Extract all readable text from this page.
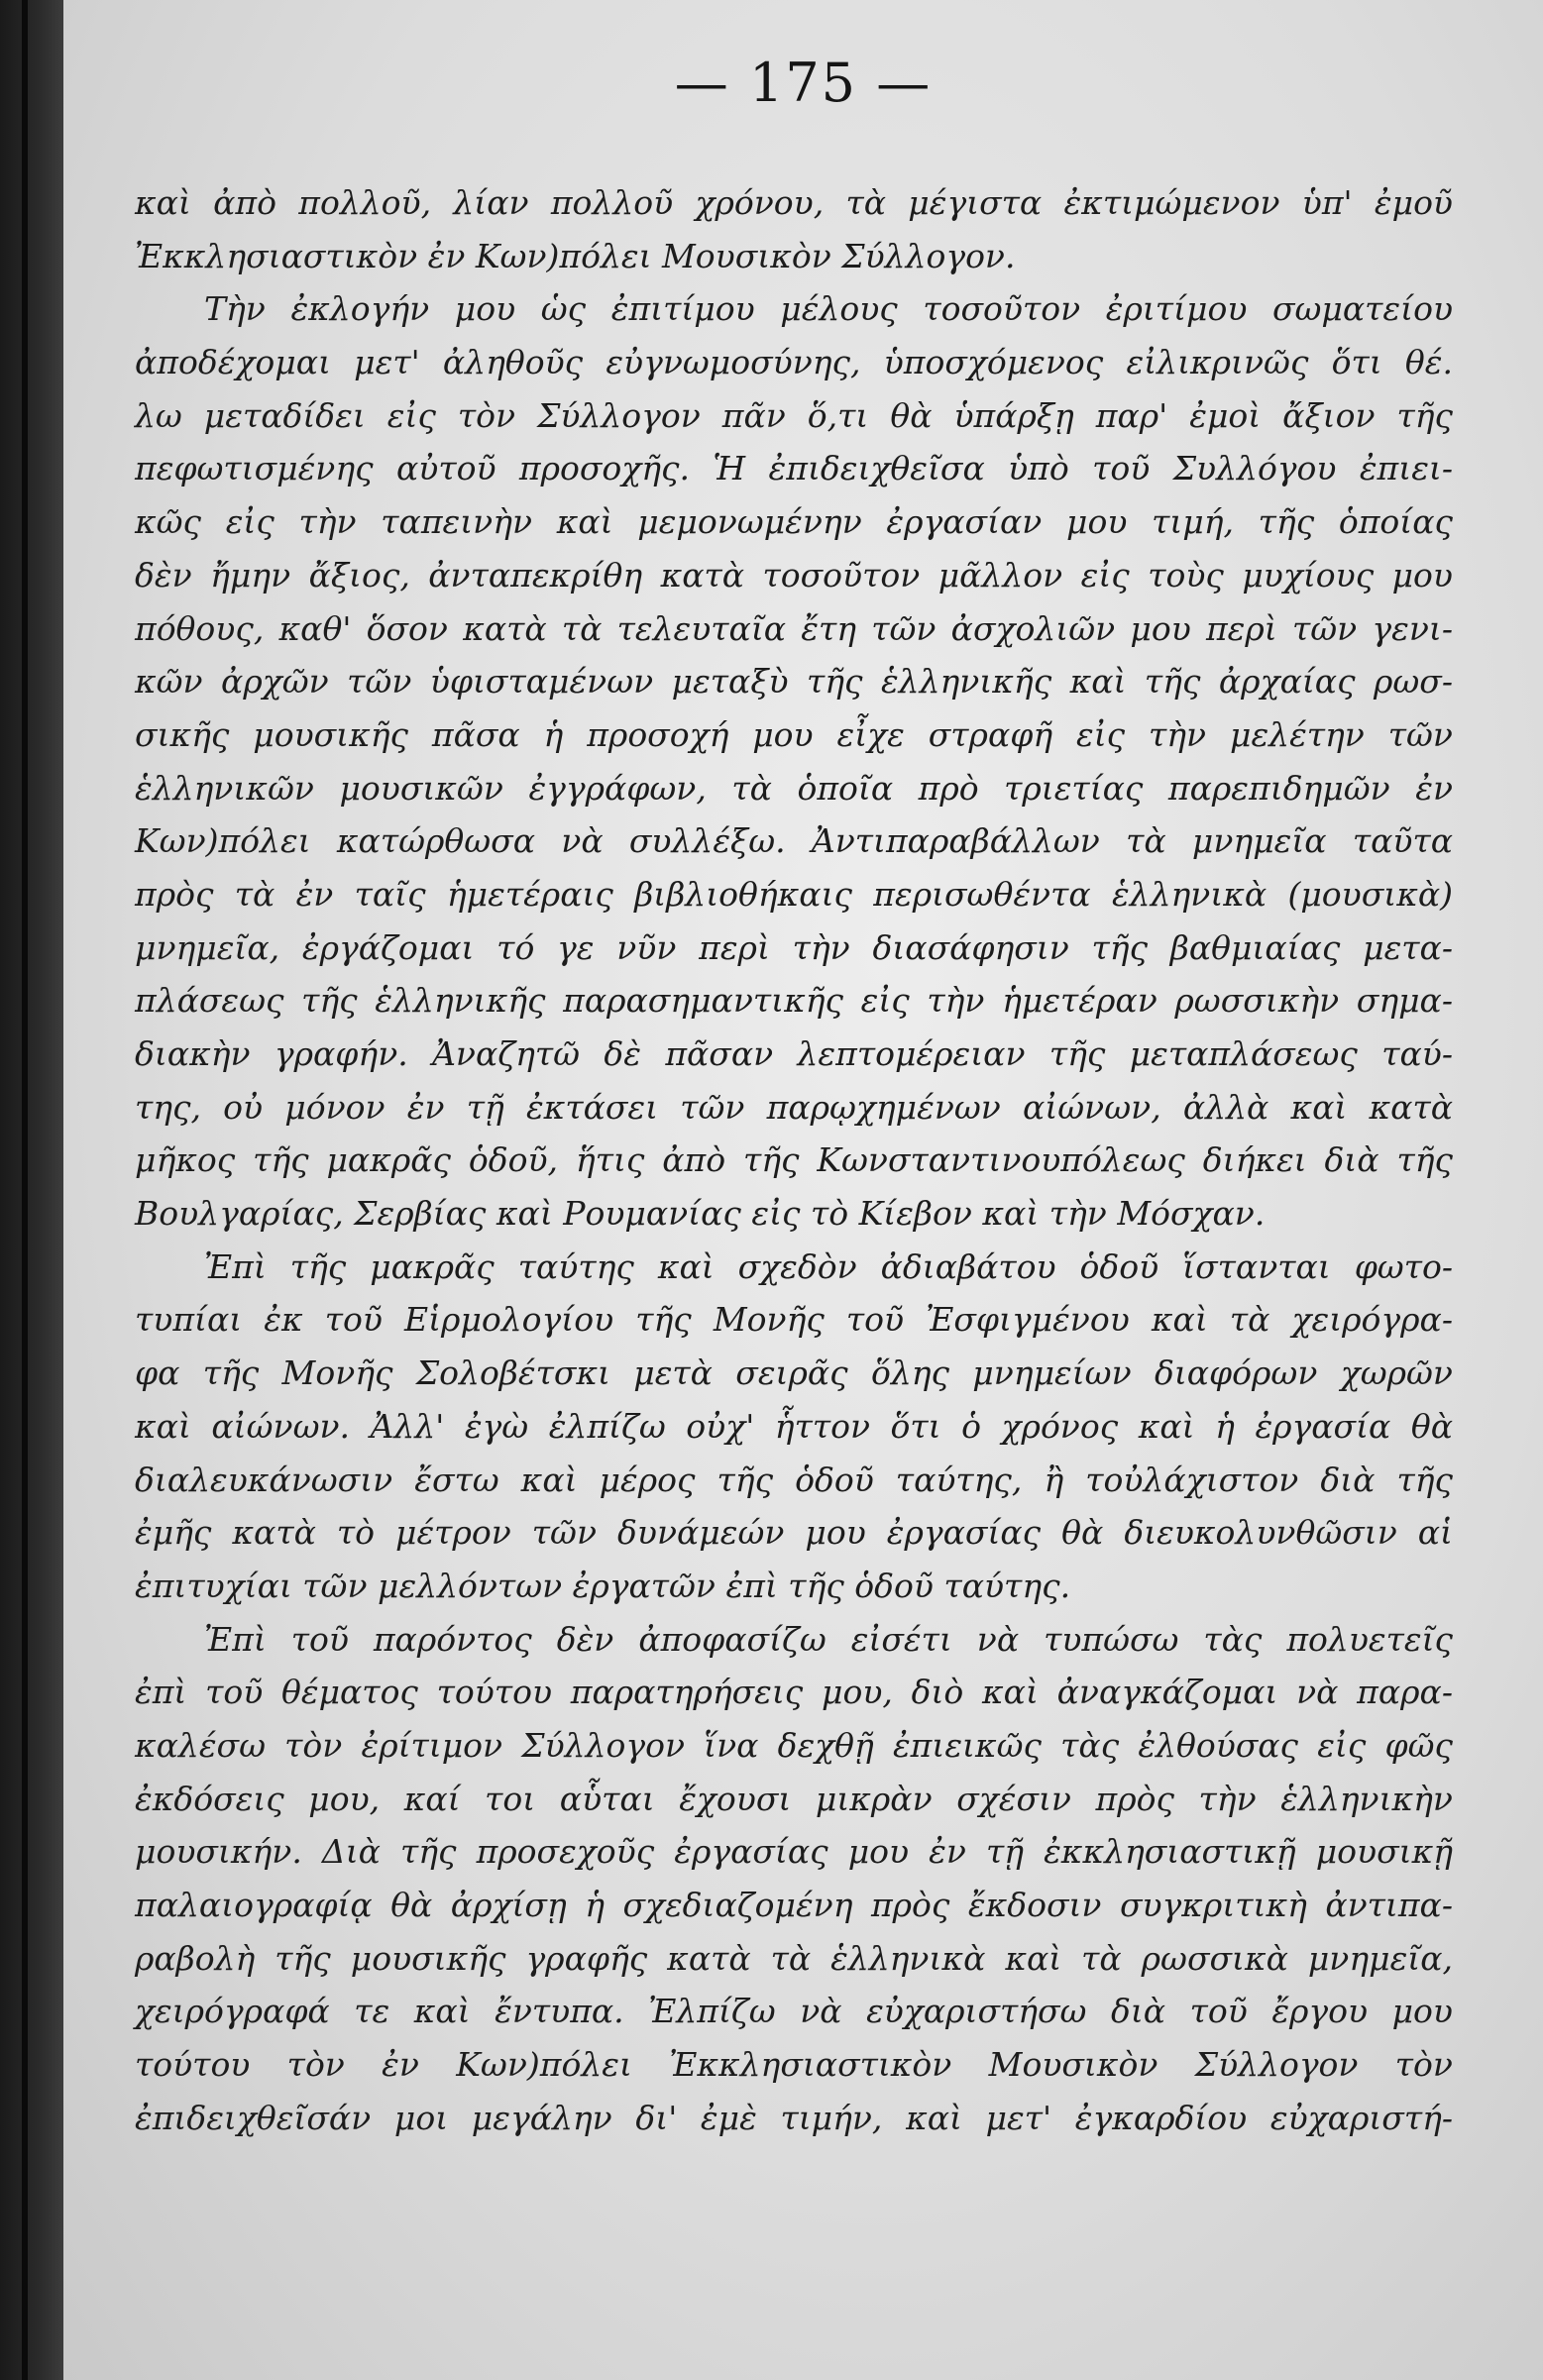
— 175 —
καὶ ἀπὸ πολλοῦ, λίαν πολλοῦ χρόνου, τὰ μέγιστα ἐκτιμώμενον ὑπ' ἐμοῦ
Ἐκκλησιαστικὸν ἐν Κων)πόλει Μουσικὸν Σύλλογον.
Τὴν ἐκλογήν μου ὡς ἐπιτίμου μέλους τοσοῦτον ἐριτίμου σωματείου
ἀποδέχομαι μετ' ἀληθοῦς εὐγνωμοσύνης, ὑποσχόμενος εἰλικρινῶς ὅτι θέ.
λω μεταδίδει εἰς τὸν Σύλλογον πᾶν ὅ,τι θὰ ὑπάρξῃ παρ' ἐμοὶ ἄξιον τῆς
πεφωτισμένης αὐτοῦ προσοχῆς. Ἡ ἐπιδειχθεῖσα ὑπὸ τοῦ Συλλόγου ἐπιει-
κῶς εἰς τὴν ταπεινὴν καὶ μεμονωμένην ἐργασίαν μου τιμή, τῆς ὁποίας
δὲν ἤμην ἄξιος, ἀνταπεκρίθη κατὰ τοσοῦτον μᾶλλον εἰς τοὺς μυχίους μου
πόθους, καθ' ὅσον κατὰ τὰ τελευταῖα ἔτη τῶν ἀσχολιῶν μου περὶ τῶν γενι-
κῶν ἀρχῶν τῶν ὑφισταμένων μεταξὺ τῆς ἑλληνικῆς καὶ τῆς ἀρχαίας ρωσ-
σικῆς μουσικῆς πᾶσα ἡ προσοχή μου εἶχε στραφῆ εἰς τὴν μελέτην τῶν
ἑλληνικῶν μουσικῶν ἐγγράφων, τὰ ὁποῖα πρὸ τριετίας παρεπιδημῶν ἐν
Κων)πόλει κατώρθωσα νὰ συλλέξω. Ἀντιπαραβάλλων τὰ μνημεῖα ταῦτα
πρὸς τὰ ἐν ταῖς ἡμετέραις βιβλιοθήκαις περισωθέντα ἑλληνικὰ (μουσικὰ)
μνημεῖα, ἐργάζομαι τό γε νῦν περὶ τὴν διασάφησιν τῆς βαθμιαίας μετα-
πλάσεως τῆς ἑλληνικῆς παρασημαντικῆς εἰς τὴν ἡμετέραν ρωσσικὴν σημα-
διακὴν γραφήν. Ἀναζητῶ δὲ πᾶσαν λεπτομέρειαν τῆς μεταπλάσεως ταύ-
της, οὐ μόνον ἐν τῇ ἐκτάσει τῶν παρῳχημένων αἰώνων, ἀλλὰ καὶ κατὰ
μῆκος τῆς μακρᾶς ὁδοῦ, ἥτις ἀπὸ τῆς Κωνσταντινουπόλεως διήκει διὰ τῆς
Βουλγαρίας, Σερβίας καὶ Ρουμανίας εἰς τὸ Κίεβον καὶ τὴν Μόσχαν.
Ἐπὶ τῆς μακρᾶς ταύτης καὶ σχεδὸν ἀδιαβάτου ὁδοῦ ἵστανται φωτο-
τυπίαι ἐκ τοῦ Εἱρμολογίου τῆς Μονῆς τοῦ Ἐσφιγμένου καὶ τὰ χειρόγρα-
φα τῆς Μονῆς Σολοβέτσκι μετὰ σειρᾶς ὅλης μνημείων διαφόρων χωρῶν
καὶ αἰώνων. Ἀλλ' ἐγὼ ἐλπίζω οὐχ' ἧττον ὅτι ὁ χρόνος καὶ ἡ ἐργασία θὰ
διαλευκάνωσιν ἔστω καὶ μέρος τῆς ὁδοῦ ταύτης, ἢ τοὐλάχιστον διὰ τῆς
ἐμῆς κατὰ τὸ μέτρον τῶν δυνάμεών μου ἐργασίας θὰ διευκολυνθῶσιν αἱ
ἐπιτυχίαι τῶν μελλόντων ἐργατῶν ἐπὶ τῆς ὁδοῦ ταύτης.
Ἐπὶ τοῦ παρόντος δὲν ἀποφασίζω εἰσέτι νὰ τυπώσω τὰς πολυετεῖς
ἐπὶ τοῦ θέματος τούτου παρατηρήσεις μου, διὸ καὶ ἀναγκάζομαι νὰ παρα-
καλέσω τὸν ἐρίτιμον Σύλλογον ἵνα δεχθῇ ἐπιεικῶς τὰς ἐλθούσας εἰς φῶς
ἐκδόσεις μου, καί τοι αὗται ἔχουσι μικρὰν σχέσιν πρὸς τὴν ἑλληνικὴν
μουσικήν. Διὰ τῆς προσεχοῦς ἐργασίας μου ἐν τῇ ἐκκλησιαστικῇ μουσικῇ
παλαιογραφίᾳ θὰ ἀρχίσῃ ἡ σχεδιαζομένη πρὸς ἔκδοσιν συγκριτικὴ ἀντιπα-
ραβολὴ τῆς μουσικῆς γραφῆς κατὰ τὰ ἑλληνικὰ καὶ τὰ ρωσσικὰ μνημεῖα,
χειρόγραφά τε καὶ ἔντυπα. Ἐλπίζω νὰ εὐχαριστήσω διὰ τοῦ ἔργου μου
τούτου τὸν ἐν Κων)πόλει Ἐκκλησιαστικὸν Μουσικὸν Σύλλογον τὸν
ἐπιδειχθεῖσάν μοι μεγάλην δι' ἐμὲ τιμήν, καὶ μετ' ἐγκαρδίου εὐχαριστή-
